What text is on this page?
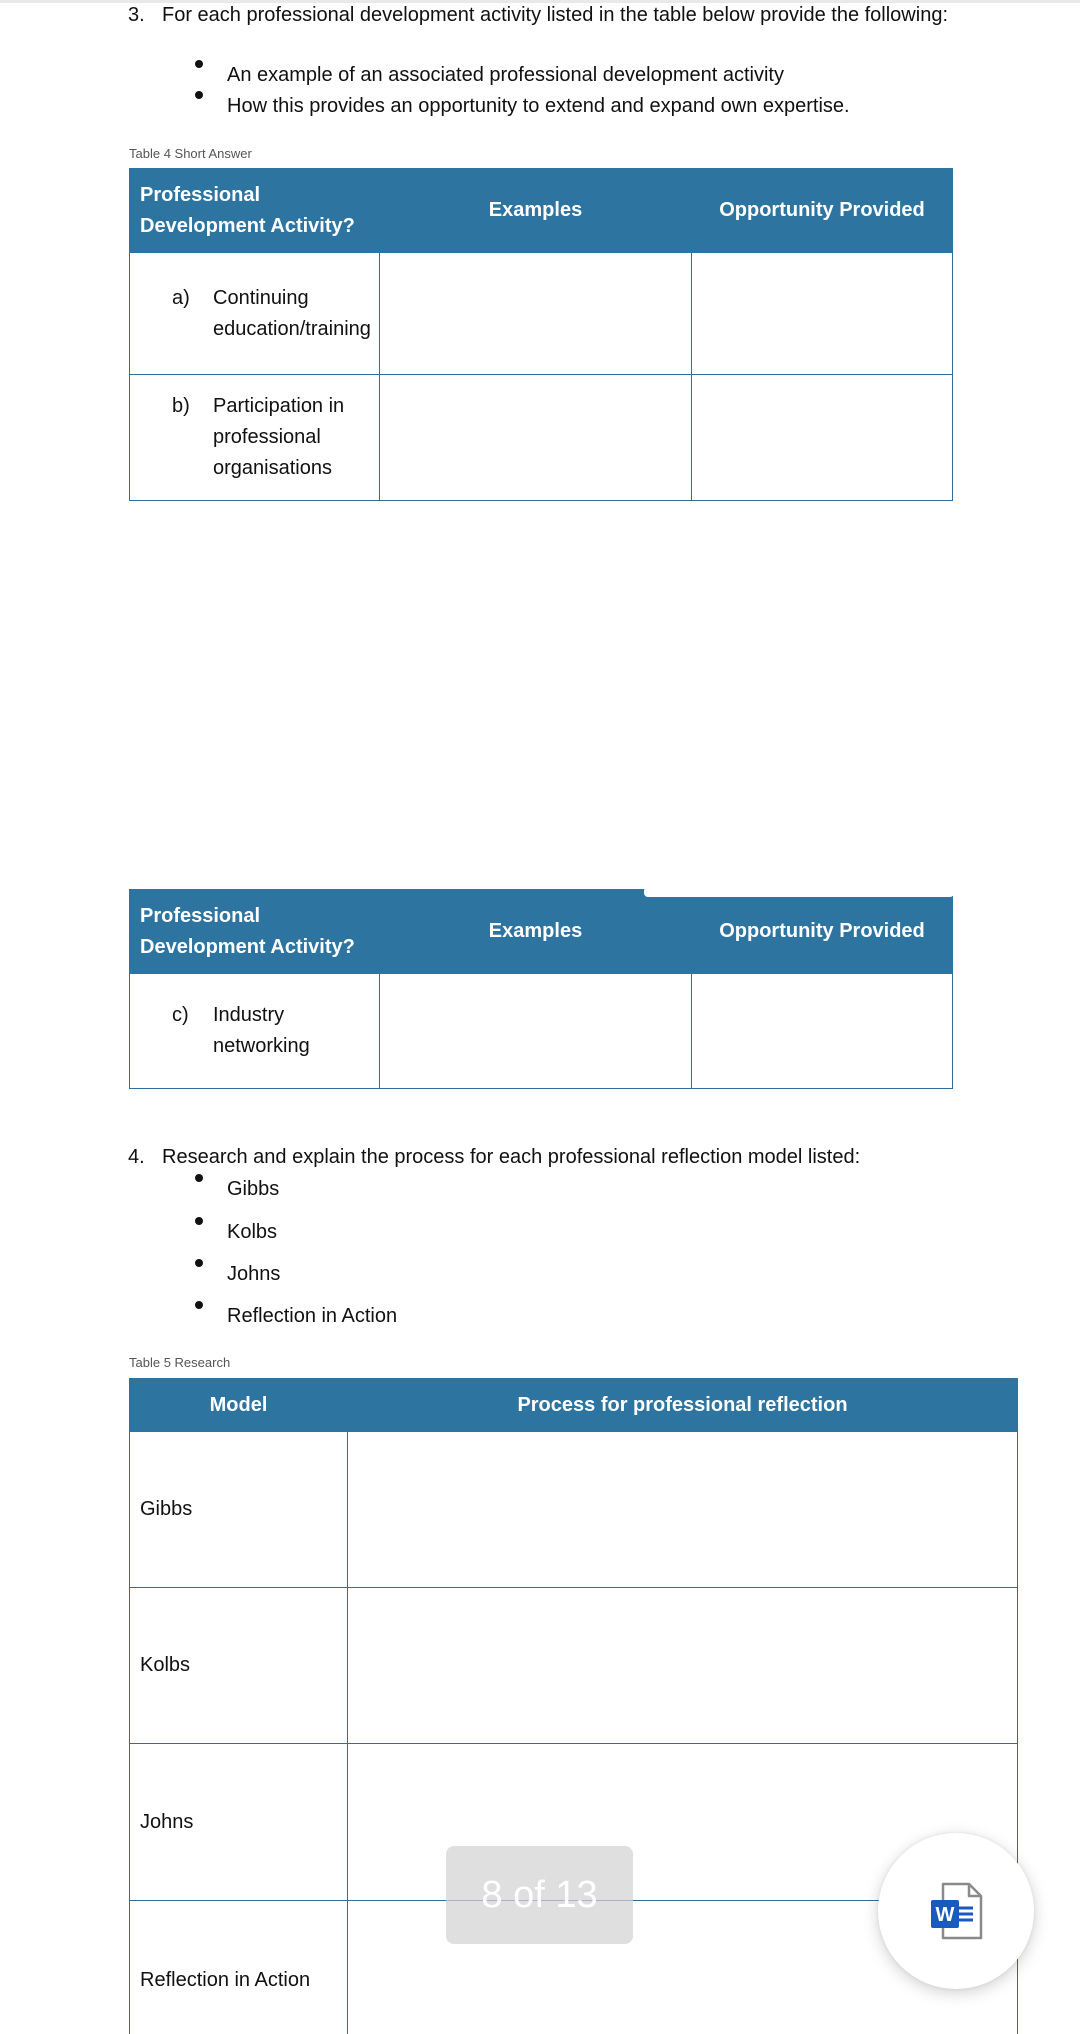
3. For each professional development activity listed in the table below provide the following:
An example of an associated professional development activity
How this provides an opportunity to extend and expand own expertise.
Table 4 Short Answer
Professional Development Activity?	Examples	Opportunity Provided

a) Continuing education/training		

b) Participation in professional organisations		

Professional Development Activity?	Examples	Opportunity Provided

c) Industry networking		

4. Research and explain the process for each professional reflection model listed:
Gibbs
Kolbs
Johns
Reflection in Action
Table 5 Research
Model	Process for professional reflection
Gibbs	
Kolbs	
Johns	
Reflection in Action	
8 of 13	W
